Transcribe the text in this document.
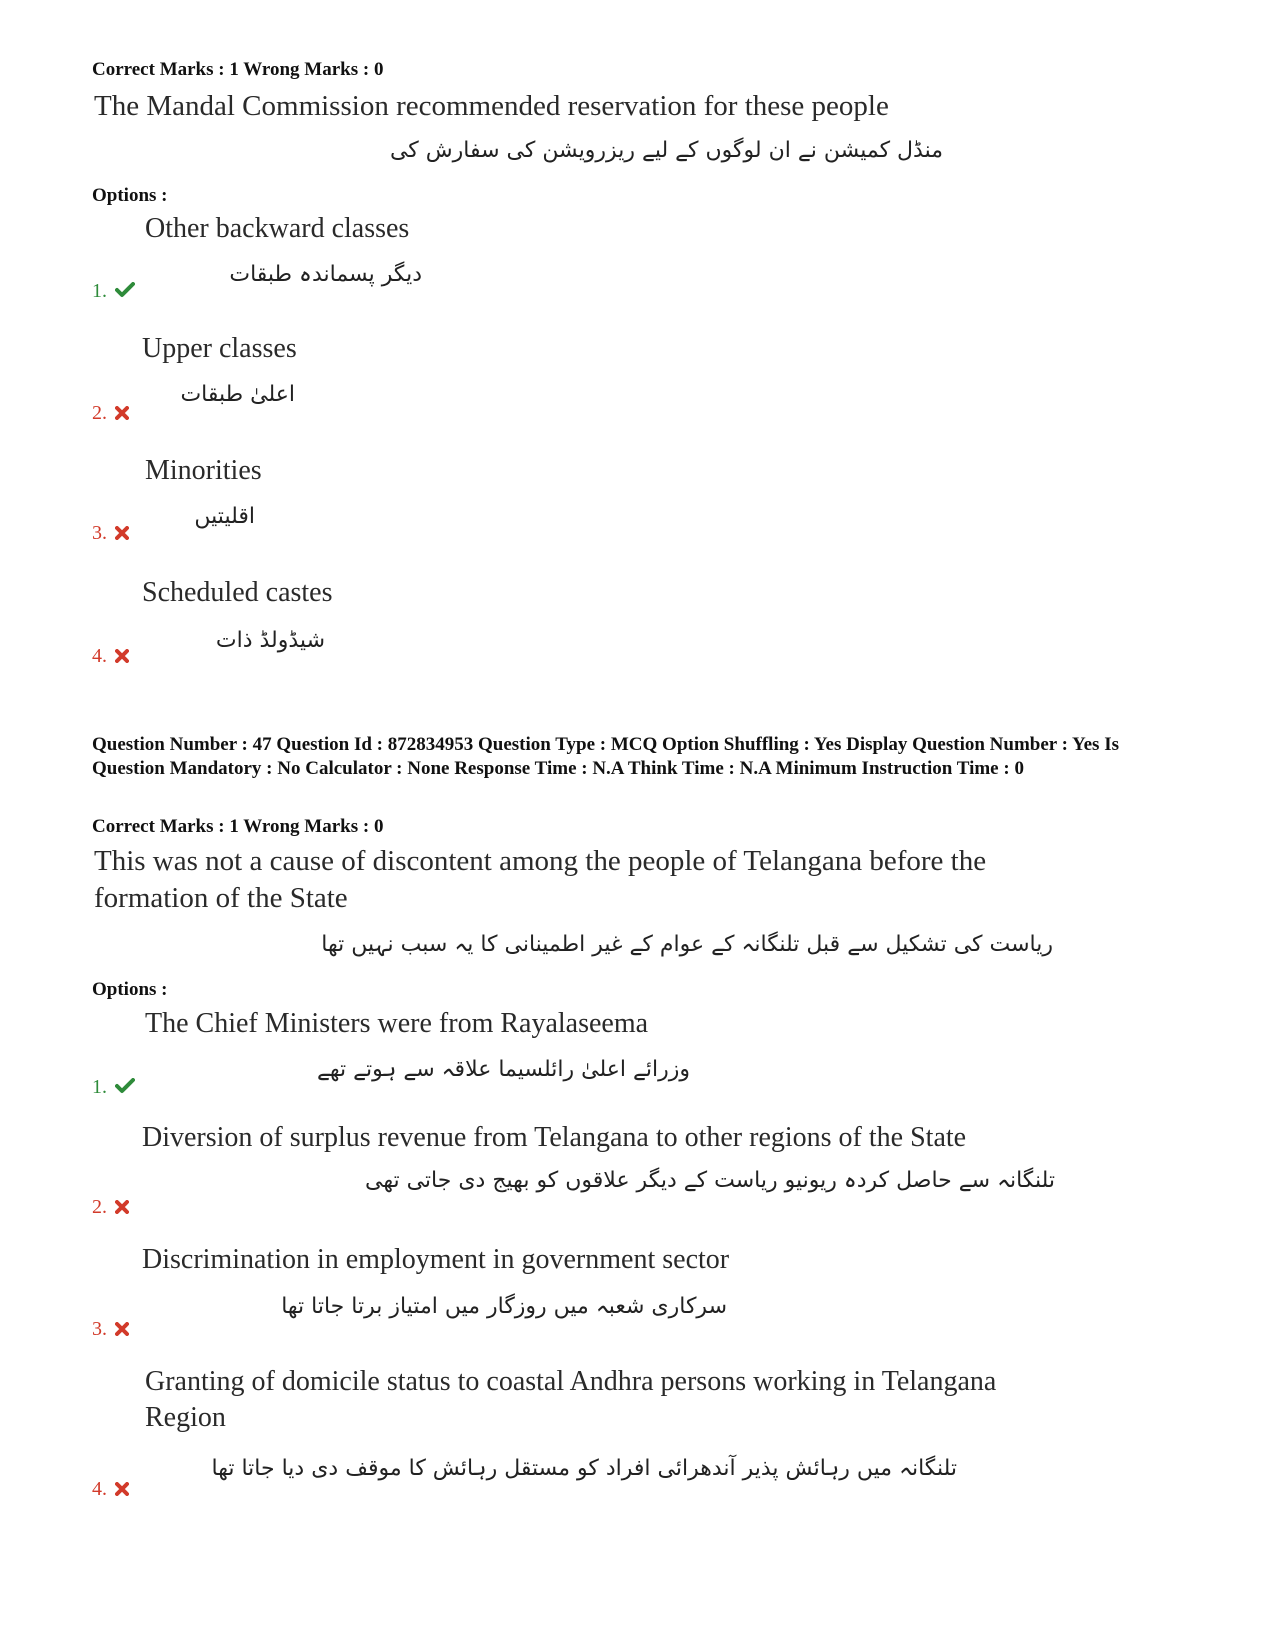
Correct Marks : 1 Wrong Marks : 0
The Mandal Commission recommended reservation for these people
منڈل کمیشن نے ان لوگوں کے لیے ریزرویشن کی سفارش کی
Options :
Other backward classes
دیگر پسماندہ طبقات
1.
Upper classes
اعلیٰ طبقات
2.
Minorities
اقلیتیں
3.
Scheduled castes
شیڈولڈ ذات
4.
Question Number : 47 Question Id : 872834953 Question Type : MCQ Option Shuffling : Yes Display Question Number : Yes Is Question Mandatory : No Calculator : None Response Time : N.A Think Time : N.A Minimum Instruction Time : 0
Correct Marks : 1 Wrong Marks : 0
This was not a cause of discontent among the people of Telangana before the formation of the State
ریاست کی تشکیل سے قبل تلنگانہ کے عوام کے غیر اطمینانی کا یہ سبب نہیں تھا
Options :
The Chief Ministers were from Rayalaseema
وزرائے اعلیٰ رائلسیما علاقہ سے ہوتے تھے
1.
Diversion of surplus revenue from Telangana to other regions of the State
تلنگانہ سے حاصل کردہ ریونیو ریاست کے دیگر علاقوں کو بھیج دی جاتی تھی
2.
Discrimination in employment in government sector
سرکاری شعبہ میں روزگار میں امتیاز برتا جاتا تھا
3.
Granting of domicile status to coastal Andhra persons working in Telangana Region
تلنگانہ میں رہائش پذیر آندھرائی افراد کو مستقل رہائش کا موقف دی دیا جاتا تھا
4.
